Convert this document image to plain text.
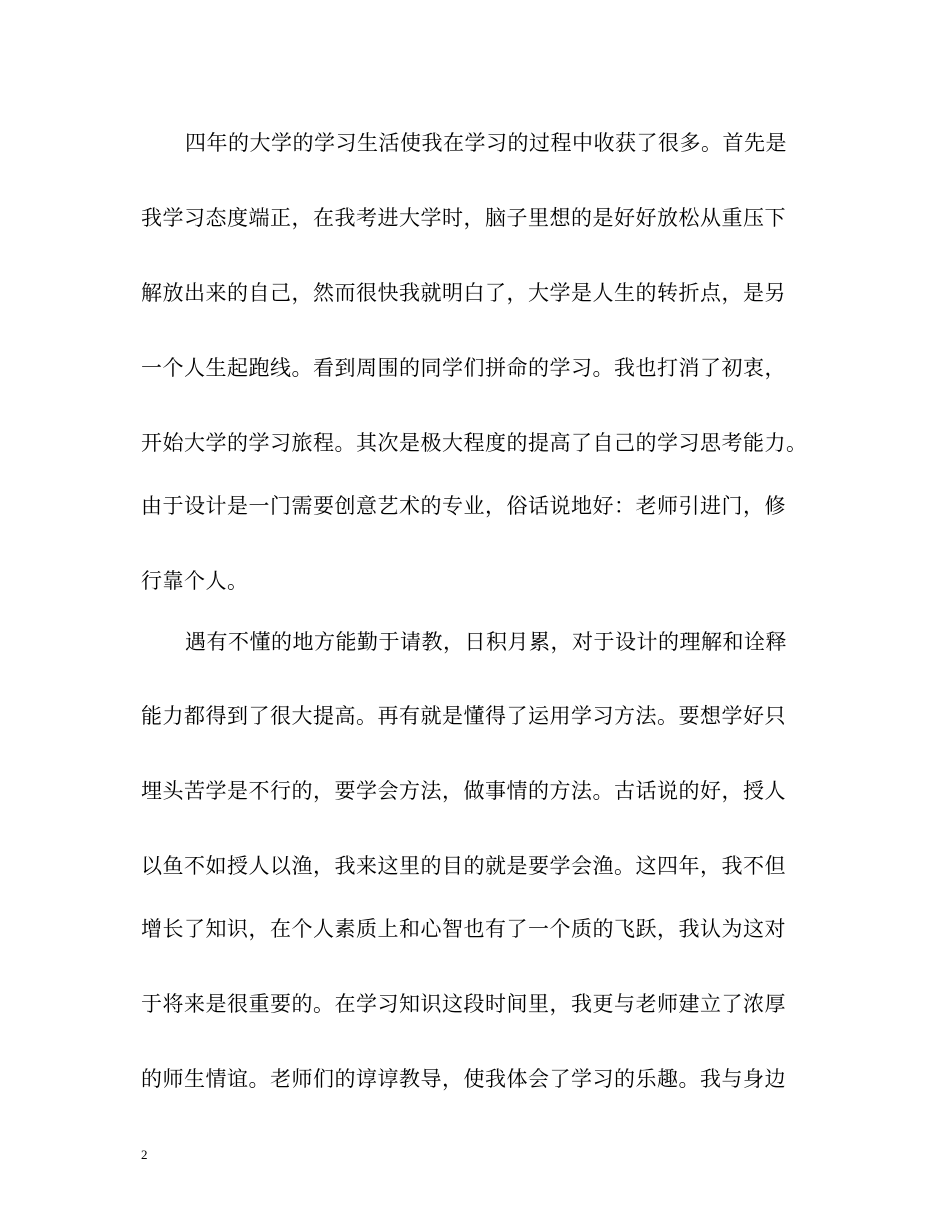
四年的大学的学习生活使我在学习的过程中收获了很多。首先是
我学习态度端正，在我考进大学时，脑子里想的是好好放松从重压下
解放出来的自己，然而很快我就明白了，大学是人生的转折点，是另
一个人生起跑线。看到周围的同学们拼命的学习。我也打消了初衷，
开始大学的学习旅程。其次是极大程度的提高了自己的学习思考能力。
由于设计是一门需要创意艺术的专业，俗话说地好：老师引进门，修
行靠个人。
遇有不懂的地方能勤于请教，日积月累，对于设计的理解和诠释
能力都得到了很大提高。再有就是懂得了运用学习方法。要想学好只
埋头苦学是不行的，要学会方法，做事情的方法。古话说的好，授人
以鱼不如授人以渔，我来这里的目的就是要学会渔。这四年，我不但
增长了知识，在个人素质上和心智也有了一个质的飞跃，我认为这对
于将来是很重要的。在学习知识这段时间里，我更与老师建立了浓厚
的师生情谊。老师们的谆谆教导，使我体会了学习的乐趣。我与身边
2
